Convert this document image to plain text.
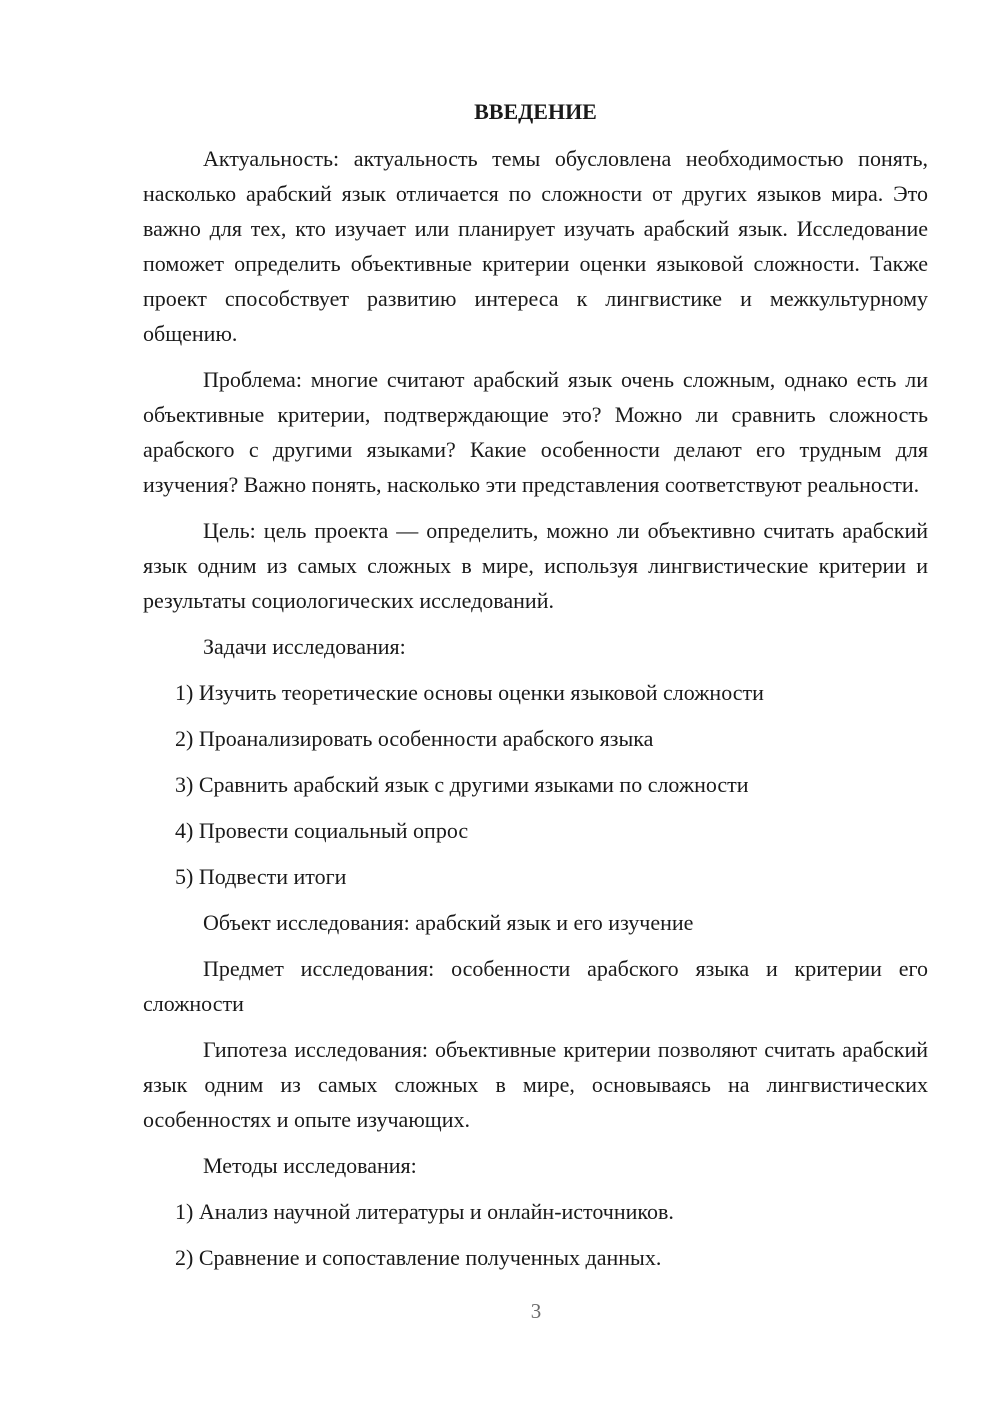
ВВЕДЕНИЕ

Актуальность: актуальность темы обусловлена необходимостью понять, насколько арабский язык отличается по сложности от других языков мира. Это важно для тех, кто изучает или планирует изучать арабский язык. Исследование поможет определить объективные критерии оценки языковой сложности. Также проект способствует развитию интереса к лингвистике и межкультурному общению.

Проблема: многие считают арабский язык очень сложным, однако есть ли объективные критерии, подтверждающие это? Можно ли сравнить сложность арабского с другими языками? Какие особенности делают его трудным для изучения? Важно понять, насколько эти представления соответствуют реальности.

Цель: цель проекта — определить, можно ли объективно считать арабский язык одним из самых сложных в мире, используя лингвистические критерии и результаты социологических исследований.

Задачи исследования:

1) Изучить теоретические основы оценки языковой сложности
2) Проанализировать особенности арабского языка
3) Сравнить арабский язык с другими языками по сложности
4) Провести социальный опрос
5) Подвести итоги

Объект исследования: арабский язык и его изучение

Предмет исследования: особенности арабского языка и критерии его сложности

Гипотеза исследования: объективные критерии позволяют считать арабский язык одним из самых сложных в мире, основываясь на лингвистических особенностях и опыте изучающих.

Методы исследования:

1) Анализ научной литературы и онлайн-источников.
2) Сравнение и сопоставление полученных данных.
3
